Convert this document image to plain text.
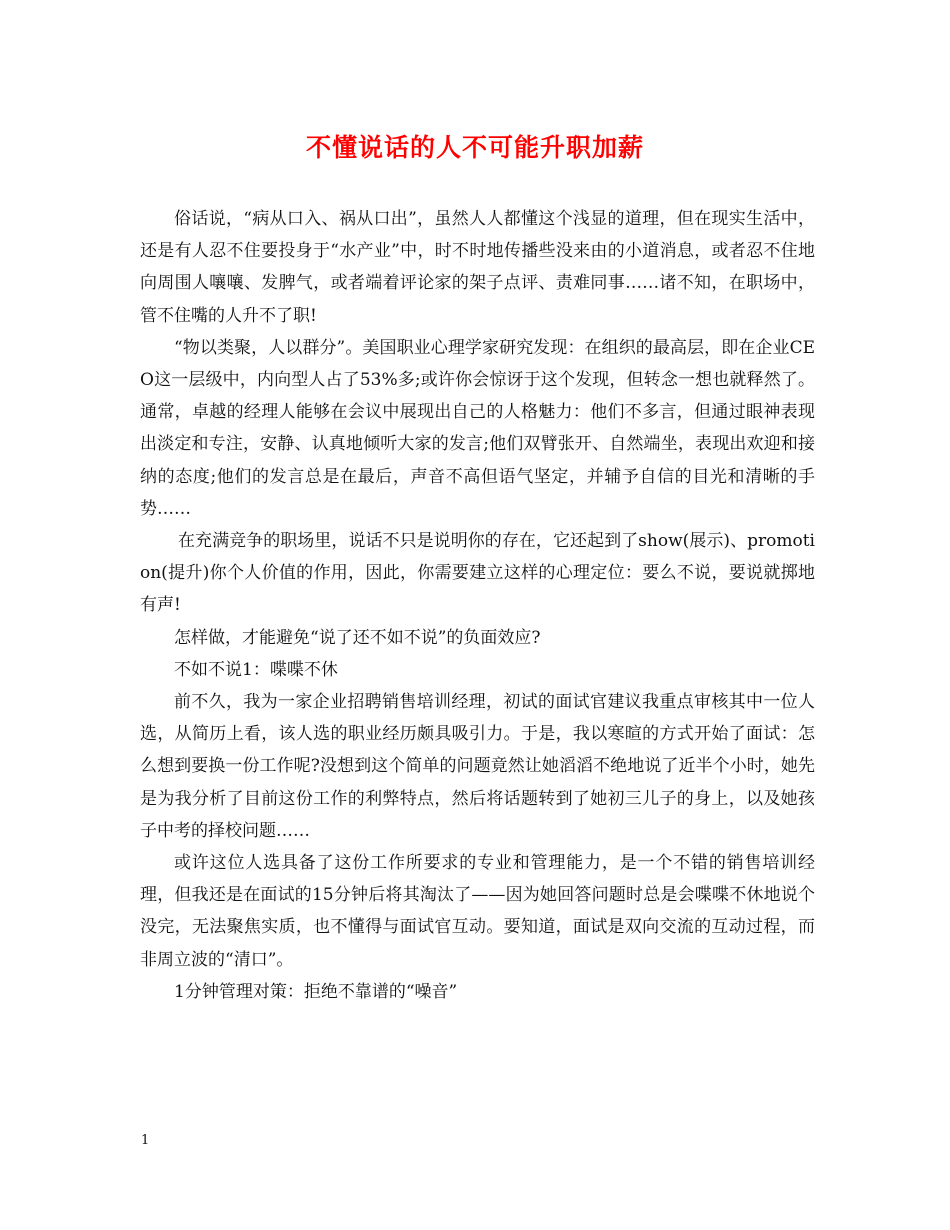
不懂说话的人不可能升职加薪

俗话说，“病从口入、祸从口出”，虽然人人都懂这个浅显的道理，但在现实生活中，还是有人忍不住要投身于“水产业”中，时不时地传播些没来由的小道消息，或者忍不住地向周围人嚷嚷、发脾气，或者端着评论家的架子点评、责难同事……诸不知，在职场中，管不住嘴的人升不了职!

“物以类聚，人以群分”。美国职业心理学家研究发现：在组织的最高层，即在企业CEO这一层级中，内向型人占了53%多;或许你会惊讶于这个发现，但转念一想也就释然了。通常，卓越的经理人能够在会议中展现出自己的人格魅力：他们不多言，但通过眼神表现出淡定和专注，安静、认真地倾听大家的发言;他们双臂张开、自然端坐，表现出欢迎和接纳的态度;他们的发言总是在最后，声音不高但语气坚定，并辅予自信的目光和清晰的手势……

在充满竞争的职场里，说话不只是说明你的存在，它还起到了show(展示)、promotion(提升)你个人价值的作用，因此，你需要建立这样的心理定位：要么不说，要说就掷地有声!

怎样做，才能避免“说了还不如不说”的负面效应?

不如不说1：喋喋不休

前不久，我为一家企业招聘销售培训经理，初试的面试官建议我重点审核其中一位人选，从简历上看，该人选的职业经历颇具吸引力。于是，我以寒暄的方式开始了面试：怎么想到要换一份工作呢?没想到这个简单的问题竟然让她滔滔不绝地说了近半个小时，她先是为我分析了目前这份工作的利弊特点，然后将话题转到了她初三儿子的身上，以及她孩子中考的择校问题……

或许这位人选具备了这份工作所要求的专业和管理能力，是一个不错的销售培训经理，但我还是在面试的15分钟后将其淘汰了——因为她回答问题时总是会喋喋不休地说个没完，无法聚焦实质，也不懂得与面试官互动。要知道，面试是双向交流的互动过程，而非周立波的“清口”。

1分钟管理对策：拒绝不靠谱的“噪音”

1
